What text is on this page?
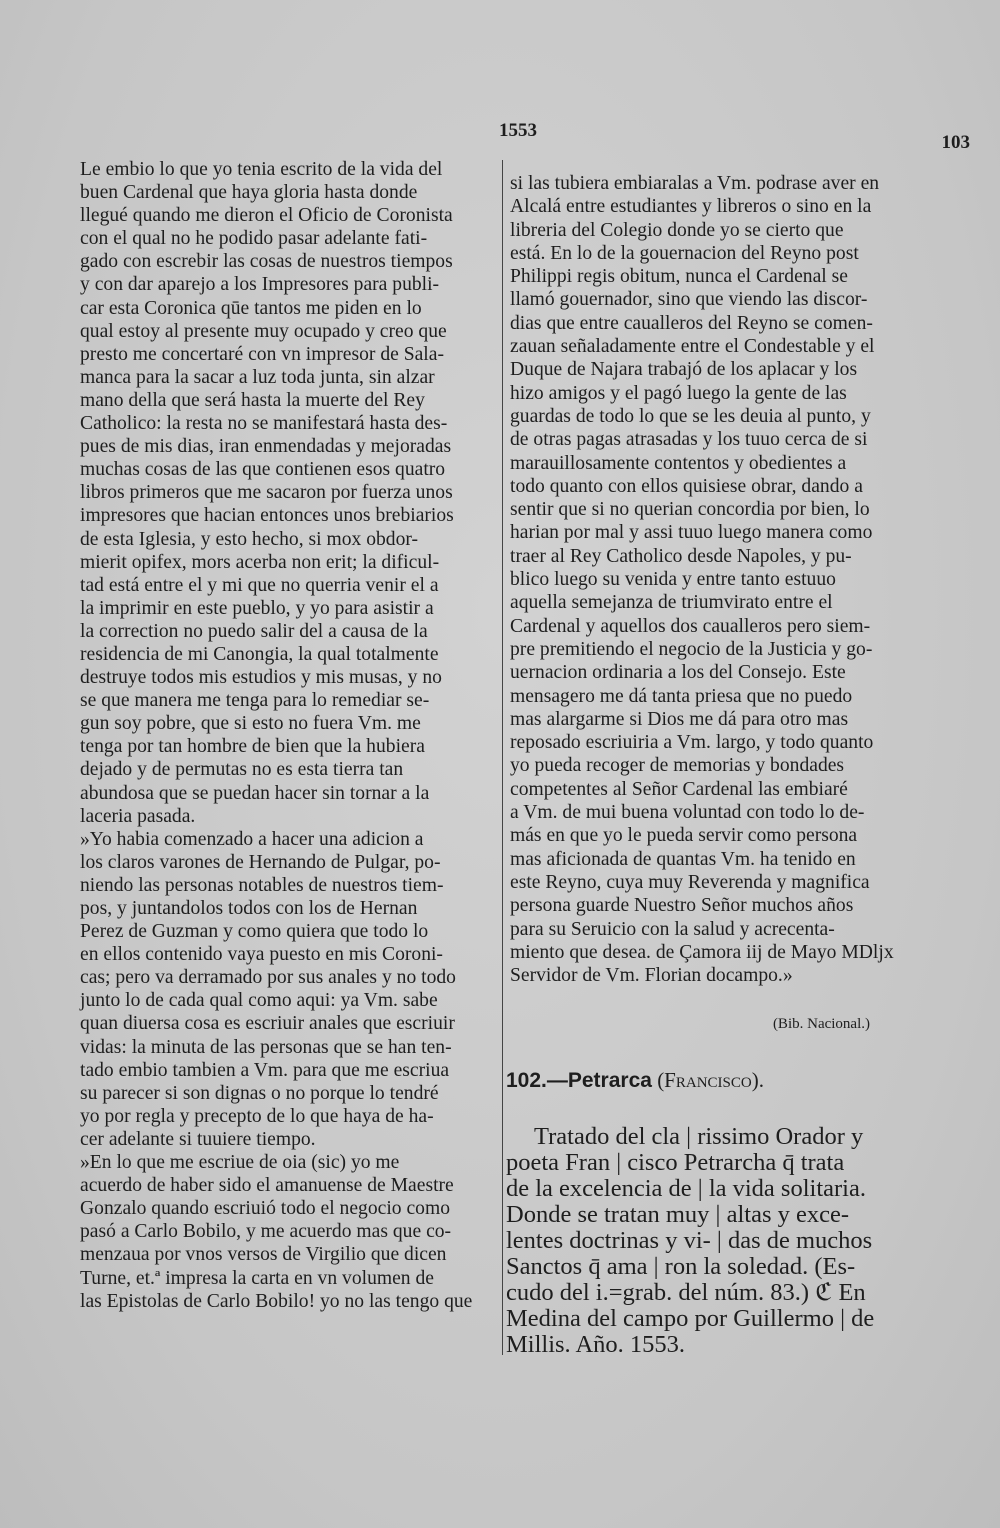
1553
103
Le embio lo que yo tenia escrito de la vida del
buen Cardenal que haya gloria hasta donde
llegué quando me dieron el Oficio de Coronista
con el qual no he podido pasar adelante fati-
gado con escrebir las cosas de nuestros tiempos
y con dar aparejo a los Impresores para publi-
car esta Coronica qūe tantos me piden en lo
qual estoy al presente muy ocupado y creo que
presto me concertaré con vn impresor de Sala-
manca para la sacar a luz toda junta, sin alzar
mano della que será hasta la muerte del Rey
Catholico: la resta no se manifestará hasta des-
pues de mis dias, iran enmendadas y mejoradas
muchas cosas de las que contienen esos quatro
libros primeros que me sacaron por fuerza unos
impresores que hacian entonces unos brebiarios
de esta Iglesia, y esto hecho, si mox obdor-
mierit opifex, mors acerba non erit; la dificul-
tad está entre el y mi que no querria venir el a
la imprimir en este pueblo, y yo para asistir a
la correction no puedo salir del a causa de la
residencia de mi Canongia, la qual totalmente
destruye todos mis estudios y mis musas, y no
se que manera me tenga para lo remediar se-
gun soy pobre, que si esto no fuera Vm. me
tenga por tan hombre de bien que la hubiera
dejado y de permutas no es esta tierra tan
abundosa que se puedan hacer sin tornar a la
laceria pasada.
»Yo habia comenzado a hacer una adicion a
los claros varones de Hernando de Pulgar, po-
niendo las personas notables de nuestros tiem-
pos, y juntandolos todos con los de Hernan
Perez de Guzman y como quiera que todo lo
en ellos contenido vaya puesto en mis Coroni-
cas; pero va derramado por sus anales y no todo
junto lo de cada qual como aqui: ya Vm. sabe
quan diuersa cosa es escriuir anales que escriuir
vidas: la minuta de las personas que se han ten-
tado embio tambien a Vm. para que me escriua
su parecer si son dignas o no porque lo tendré
yo por regla y precepto de lo que haya de ha-
cer adelante si tuuiere tiempo.
»En lo que me escriue de oia (sic) yo me
acuerdo de haber sido el amanuense de Maestre
Gonzalo quando escriuió todo el negocio como
pasó a Carlo Bobilo, y me acuerdo mas que co-
menzaua por vnos versos de Virgilio que dicen
Turne, et.ª impresa la carta en vn volumen de
las Epistolas de Carlo Bobilo! yo no las tengo que
si las tubiera embiaralas a Vm. podrase aver en
Alcalá entre estudiantes y libreros o sino en la
libreria del Colegio donde yo se cierto que
está. En lo de la gouernacion del Reyno post
Philippi regis obitum, nunca el Cardenal se
llamó gouernador, sino que viendo las discor-
dias que entre caualleros del Reyno se comen-
zauan señaladamente entre el Condestable y el
Duque de Najara trabajó de los aplacar y los
hizo amigos y el pagó luego la gente de las
guardas de todo lo que se les deuia al punto, y
de otras pagas atrasadas y los tuuo cerca de si
marauillosamente contentos y obedientes a
todo quanto con ellos quisiese obrar, dando a
sentir que si no querian concordia por bien, lo
harian por mal y assi tuuo luego manera como
traer al Rey Catholico desde Napoles, y pu-
blico luego su venida y entre tanto estuuo
aquella semejanza de triumvirato entre el
Cardenal y aquellos dos caualleros pero siem-
pre premitiendo el negocio de la Justicia y go-
uernacion ordinaria a los del Consejo. Este
mensagero me dá tanta priesa que no puedo
mas alargarme si Dios me dá para otro mas
reposado escriuiria a Vm. largo, y todo quanto
yo pueda recoger de memorias y bondades
competentes al Señor Cardenal las embiaré
a Vm. de mui buena voluntad con todo lo de-
más en que yo le pueda servir como persona
mas aficionada de quantas Vm. ha tenido en
este Reyno, cuya muy Reverenda y magnifica
persona guarde Nuestro Señor muchos años
para su Seruicio con la salud y acrecenta-
miento que desea. de Çamora iij de Mayo MDljx
Servidor de Vm. Florian docampo.»
(Bib. Nacional.)
102.—Petrarca (Francisco).
Tratado del cla | rissimo Orador y
poeta Fran | cisco Petrarcha q̄ trata
de la excelencia de | la vida solitaria.
Donde se tratan muy | altas y exce-
lentes doctrinas y vi- | das de muchos
Sanctos q̄ ama | ron la soledad. (Es-
cudo del i.=grab. del núm. 83.) ℭ En
Medina del campo por Guillermo | de
Millis. Año. 1553.
